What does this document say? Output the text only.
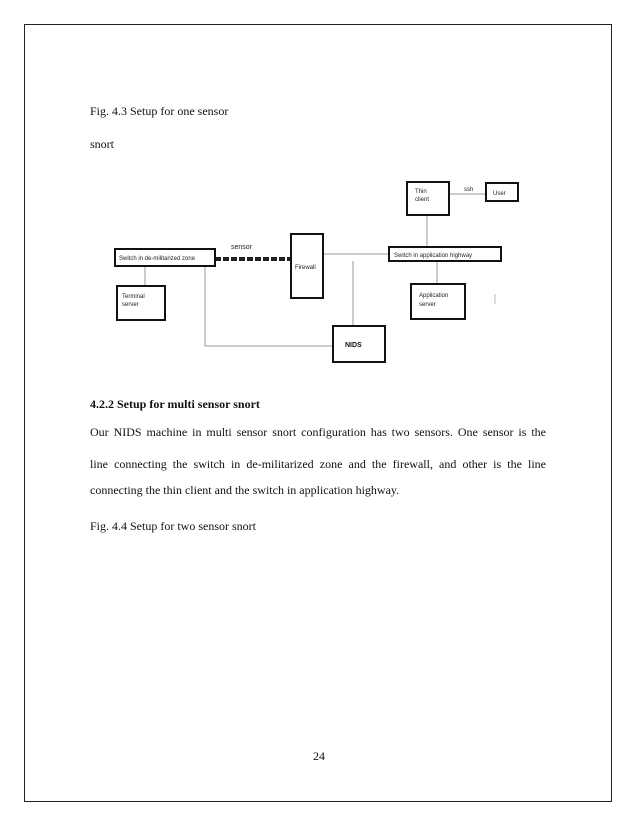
Fig. 4.3 Setup for one sensor
snort
sensor
Thin
client
ssh
User
Switch in de-militarized zone
Firewall
Switch in application highway
Terminal
server
Application
server
NIDS
4.2.2 Setup for multi sensor snort
Our NIDS machine in multi sensor snort configuration has two sensors. One sensor is the
line connecting the switch in de-militarized zone and the firewall, and other is the line
connecting the thin client and the switch in application highway.
Fig. 4.4 Setup for two sensor snort
24
